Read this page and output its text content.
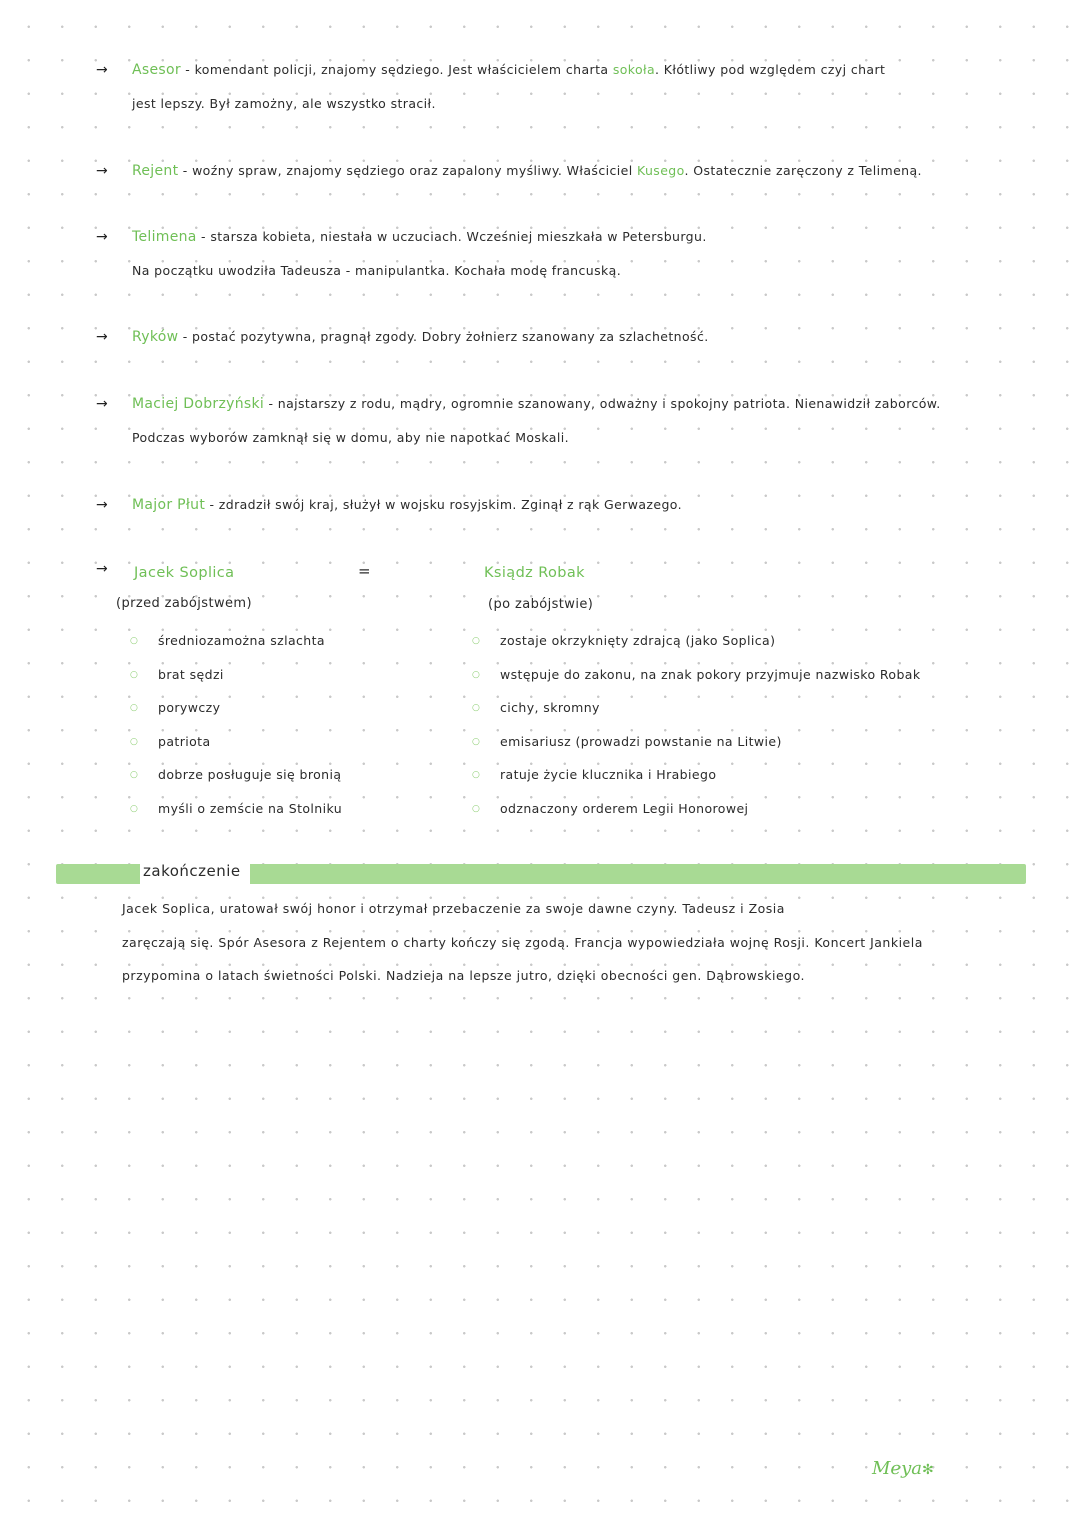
→ Asesor - komendant policji, znajomy sędziego. Jest właścicielem charta sokoła. Kłótliwy pod względem czyj chart
jest lepszy. Był zamożny, ale wszystko stracił.
→ Rejent - woźny spraw, znajomy sędziego oraz zapalony myśliwy. Właściciel Kusego. Ostatecznie zaręczony z Telimeną.
→ Telimena - starsza kobieta, niestała w uczuciach. Wcześniej mieszkała w Petersburgu.
Na początku uwodziła Tadeusza - manipulantka. Kochała modę francuską.
→ Ryków - postać pozytywna, pragnął zgody. Dobry żołnierz szanowany za szlachetność.
→ Maciej Dobrzyński - najstarszy z rodu, mądry, ogromnie szanowany, odważny i spokojny patriota. Nienawidził zaborców.
Podczas wyborów zamknął się w domu, aby nie napotkać Moskali.
→ Major Płut - zdradził swój kraj, służył w wojsku rosyjskim. Zginął z rąk Gerwazego.
→ Jacek Soplica
(przed zabójstwem)
=	Ksiądz Robak
(po zabójstwie)
○ średniozamożna szlachta
○ brat sędzi
○ porywczy
○ patriota
○ dobrze posługuje się bronią
○ myśli o zemście na Stolniku
○ zostaje okrzyknięty zdrajcą (jako Soplica)
○ wstępuje do zakonu, na znak pokory przyjmuje nazwisko Robak
○ cichy, skromny
○ emisariusz (prowadzi powstanie na Litwie)
○ ratuje życie klucznika i Hrabiego
○ odznaczony orderem Legii Honorowej
zakończenie
Jacek Soplica, uratował swój honor i otrzymał przebaczenie za swoje dawne czyny. Tadeusz i Zosia
zaręczają się. Spór Asesora z Rejentem o charty kończy się zgodą. Francja wypowiedziała wojnę Rosji. Koncert Jankiela
przypomina o latach świetności Polski. Nadzieja na lepsze jutro, dzięki obecności gen. Dąbrowskiego.
Meya✻
